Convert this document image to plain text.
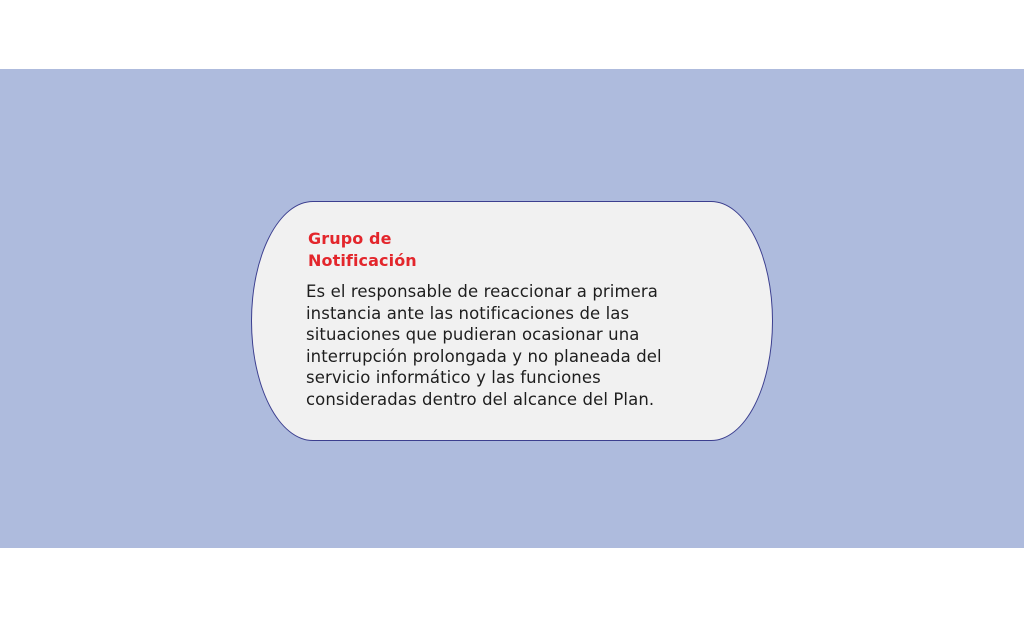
Grupo de
Notificación
Es el responsable de reaccionar a primera
instancia ante las notificaciones de las
situaciones que pudieran ocasionar una
interrupción prolongada y no planeada del
servicio informático y las funciones
consideradas dentro del alcance del Plan.
